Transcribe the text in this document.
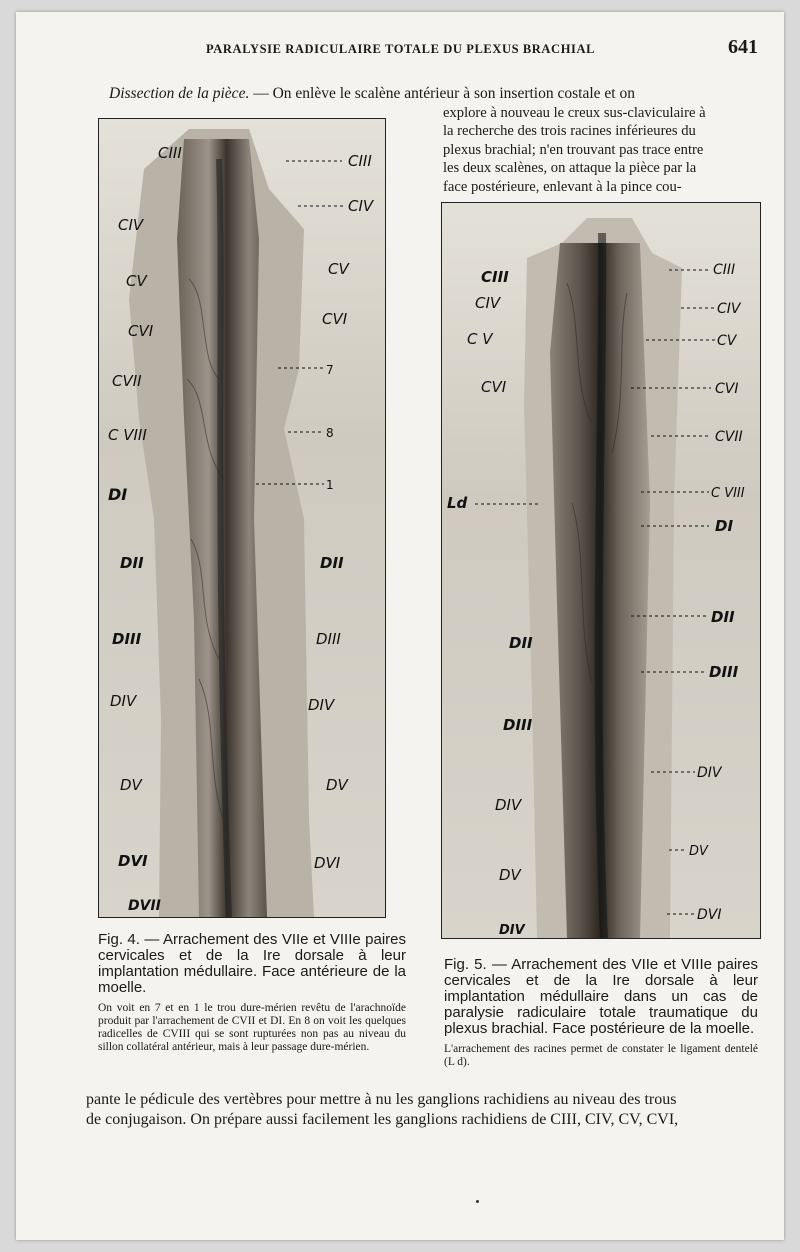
PARALYSIE RADICULAIRE TOTALE DU PLEXUS BRACHIAL	641
Dissection de la pièce. — On enlève le scalène antérieur à son insertion costale et on
explore à nouveau le creux sus-claviculaire à
la recherche des trois racines inférieures du
plexus brachial; n'en trouvant pas trace entre
les deux scalènes, on attaque la pièce par la
face postérieure, enlevant à la pince cou-
CIII
CIV
CV
CVI
CVII
C VIII
DI
DII
DIII
DIV
DV
DVI
DVII
CIII
CIV
CV
CVI
7
8
1
DII
DIII
DIV
DV
DVI
CIII
CIV
C V
CVI
Ld
DII
DIII
DIV
DV
DIV
CIII
CIV
CV
CVI
CVII
C VIII
DI
DII
DIII
DIV
DV
DVI
Fig. 4. — Arrachement des VIIe et VIIIe paires cervicales et de la Ire dorsale à leur implantation médullaire. Face antérieure de la moelle.
On voit en 7 et en 1 le trou dure-mérien revêtu de l'arachnoïde produit par l'arrachement de CVII et DI. En 8 on voit les quelques radicelles de CVIII qui se sont rupturées non pas au niveau du sillon collatéral antérieur, mais à leur passage dure-mérien.
Fig. 5. — Arrachement des VIIe et VIIIe paires cervicales et de la Ire dorsale à leur implantation médullaire dans un cas de paralysie radiculaire totale traumatique du plexus brachial. Face postérieure de la moelle.
L'arrachement des racines permet de constater le ligament dentelé (L d).
pante le pédicule des vertèbres pour mettre à nu les ganglions rachidiens au niveau des trous
de conjugaison. On prépare aussi facilement les ganglions rachidiens de CIII, CIV, CV, CVI,
